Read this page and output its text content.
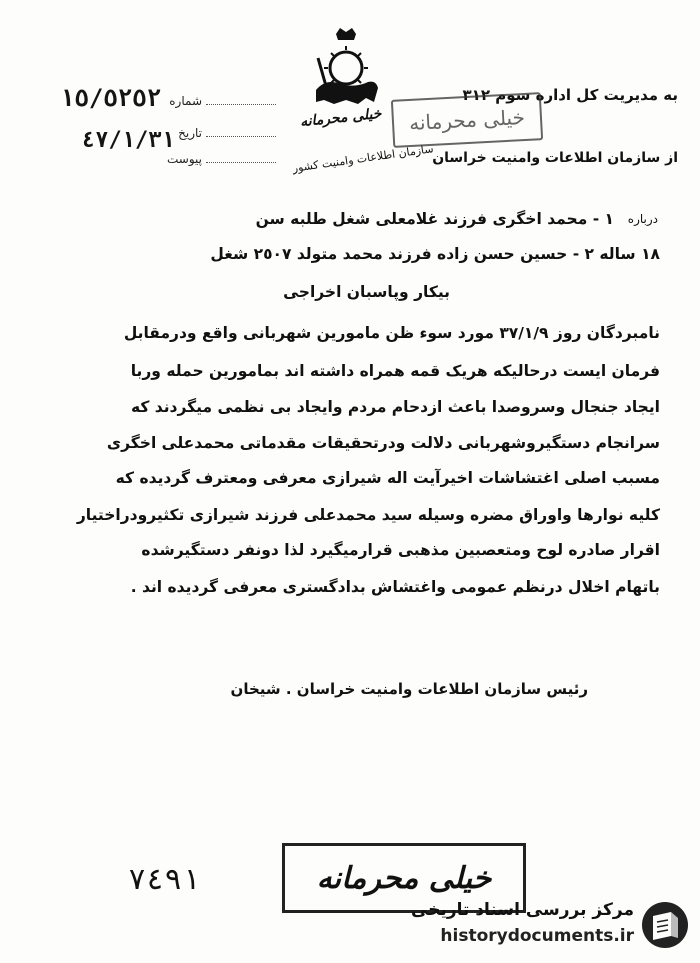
شماره
١٥/٥٢٥٢
تاریخ
٤٧/١/٣١
پیوست
به مدیریت کل اداره سوم ٣١٢
خیلی محرمانه
خیلی محرمانه
سازمان اطلاعات وامنیت کشور
از سازمان اطلاعات وامنیت خراسان
درباره
١ - محمد اخگری فرزند غلامعلی شغل طلبه سن
١٨ ساله ٢ - حسین حسن زاده فرزند محمد متولد ٢٥٠٧ شغل
بیکار وپاسبان اخراجی
نامبردگان روز ٣٧/١/٩ مورد سوء ظن مامورین شهربانی واقع ودرمقابل
فرمان ایست درحالیکه هریک قمه همراه داشته اند بمامورین حمله وربا
ایجاد جنجال وسروصدا باعث ازدحام مردم وایجاد بی نظمی میگردند که
سرانجام دستگیروشهربانی دلالت ودرتحقیقات مقدماتی محمدعلی اخگری
مسبب اصلی اغتشاشات اخیرآیت اله شیرازی معرفی ومعترف گردیده که
کلیه نوارها واوراق مضره وسیله سید محمدعلی فرزند شیرازی تکثیرودراختیار
اقرار صادره لوح ومتعصبین مذهبی قرارمیگیرد لذا دونفر دستگیرشده
باتهام اخلال درنظم عمومی واغتشاش بدادگستری معرفی گردیده اند .
رئیس سازمان اطلاعات وامنیت خراسان . شیخان
٧٤٩١	خیلی محرمانه
مرکز بررسی اسناد تاریخی
historydocuments.ir
